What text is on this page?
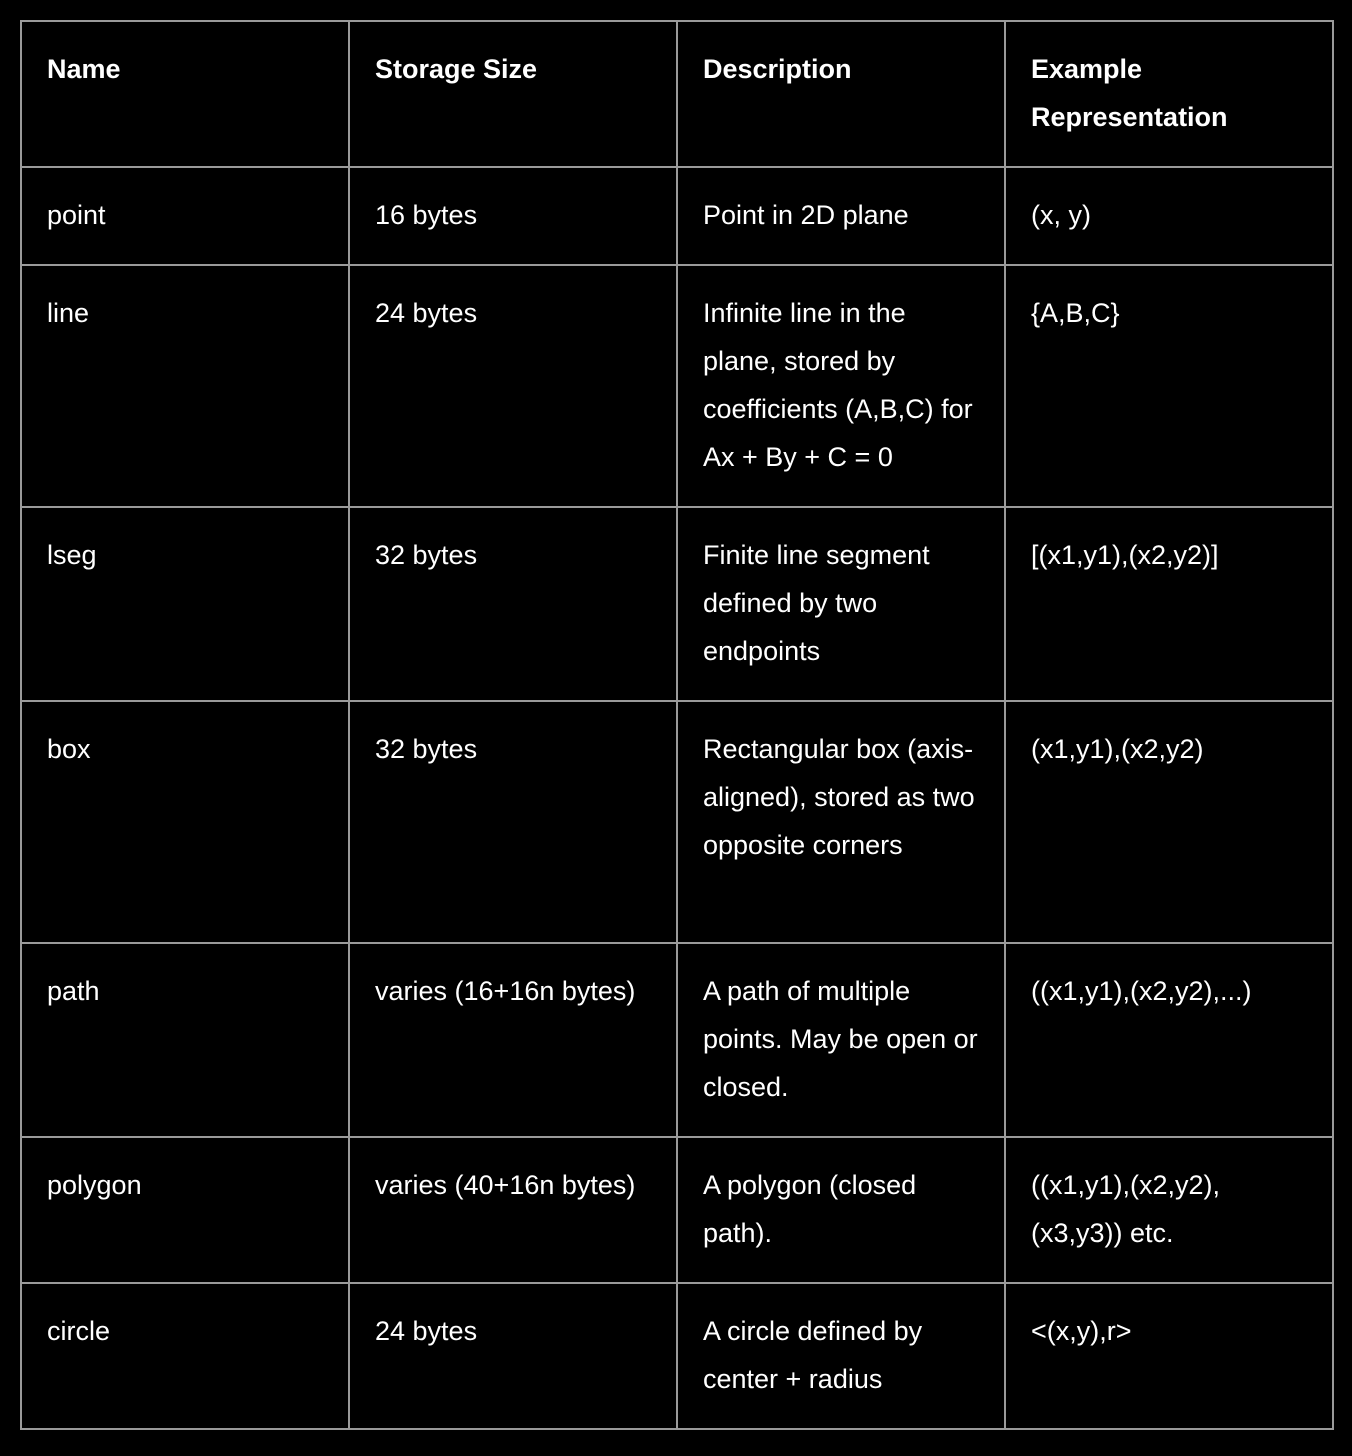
Name	Storage Size	Description	Example Representation
point	16 bytes	Point in 2D plane	(x, y)
line	24 bytes	Infinite line in the plane, stored by coefficients (A,B,C) for Ax + By + C = 0	{A,B,C}
lseg	32 bytes	Finite line segment defined by two endpoints	[(x1,y1),(x2,y2)]
box	32 bytes	Rectangular box (axis-aligned), stored as two opposite corners	(x1,y1),(x2,y2)
path	varies (16+16n bytes)	A path of multiple points. May be open or closed.	((x1,y1),(x2,y2),...)
polygon	varies (40+16n bytes)	A polygon (closed path).	((x1,y1),(x2,y2),(x3,y3)) etc.
circle	24 bytes	A circle defined by center + radius	<(x,y),r>
